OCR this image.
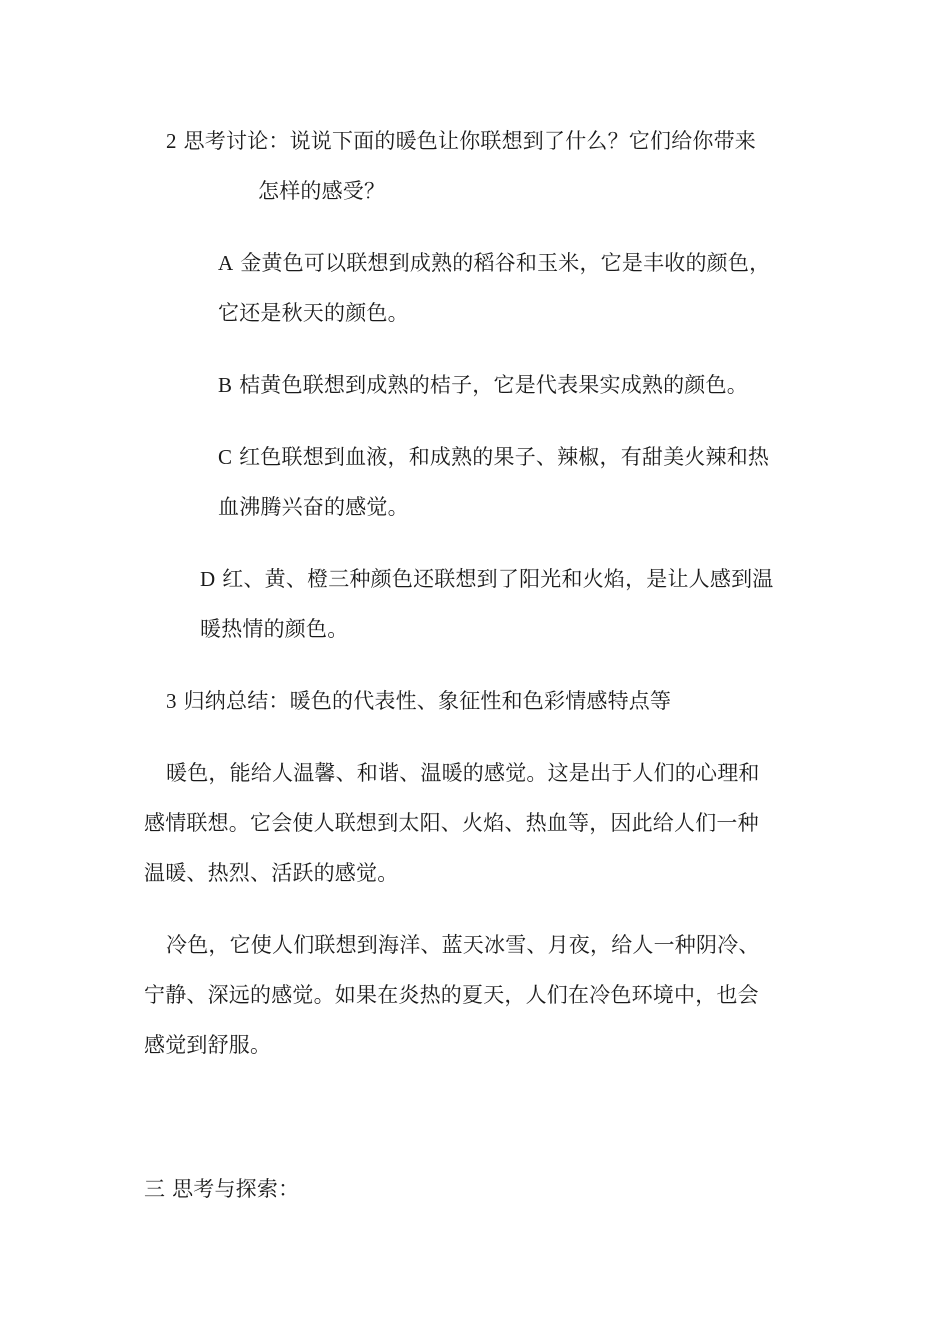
2 思考讨论：说说下面的暖色让你联想到了什么？它们给你带来
怎样的感受？
A 金黄色可以联想到成熟的稻谷和玉米，它是丰收的颜色，
它还是秋天的颜色。
B 桔黄色联想到成熟的桔子，它是代表果实成熟的颜色。
C 红色联想到血液，和成熟的果子、辣椒，有甜美火辣和热
血沸腾兴奋的感觉。
D 红、黄、橙三种颜色还联想到了阳光和火焰，是让人感到温
暖热情的颜色。
3 归纳总结：暖色的代表性、象征性和色彩情感特点等
暖色，能给人温馨、和谐、温暖的感觉。这是出于人们的心理和
感情联想。它会使人联想到太阳、火焰、热血等，因此给人们一种
温暖、热烈、活跃的感觉。
冷色，它使人们联想到海洋、蓝天冰雪、月夜，给人一种阴冷、
宁静、深远的感觉。如果在炎热的夏天，人们在冷色环境中，也会
感觉到舒服。
三 思考与探索：
